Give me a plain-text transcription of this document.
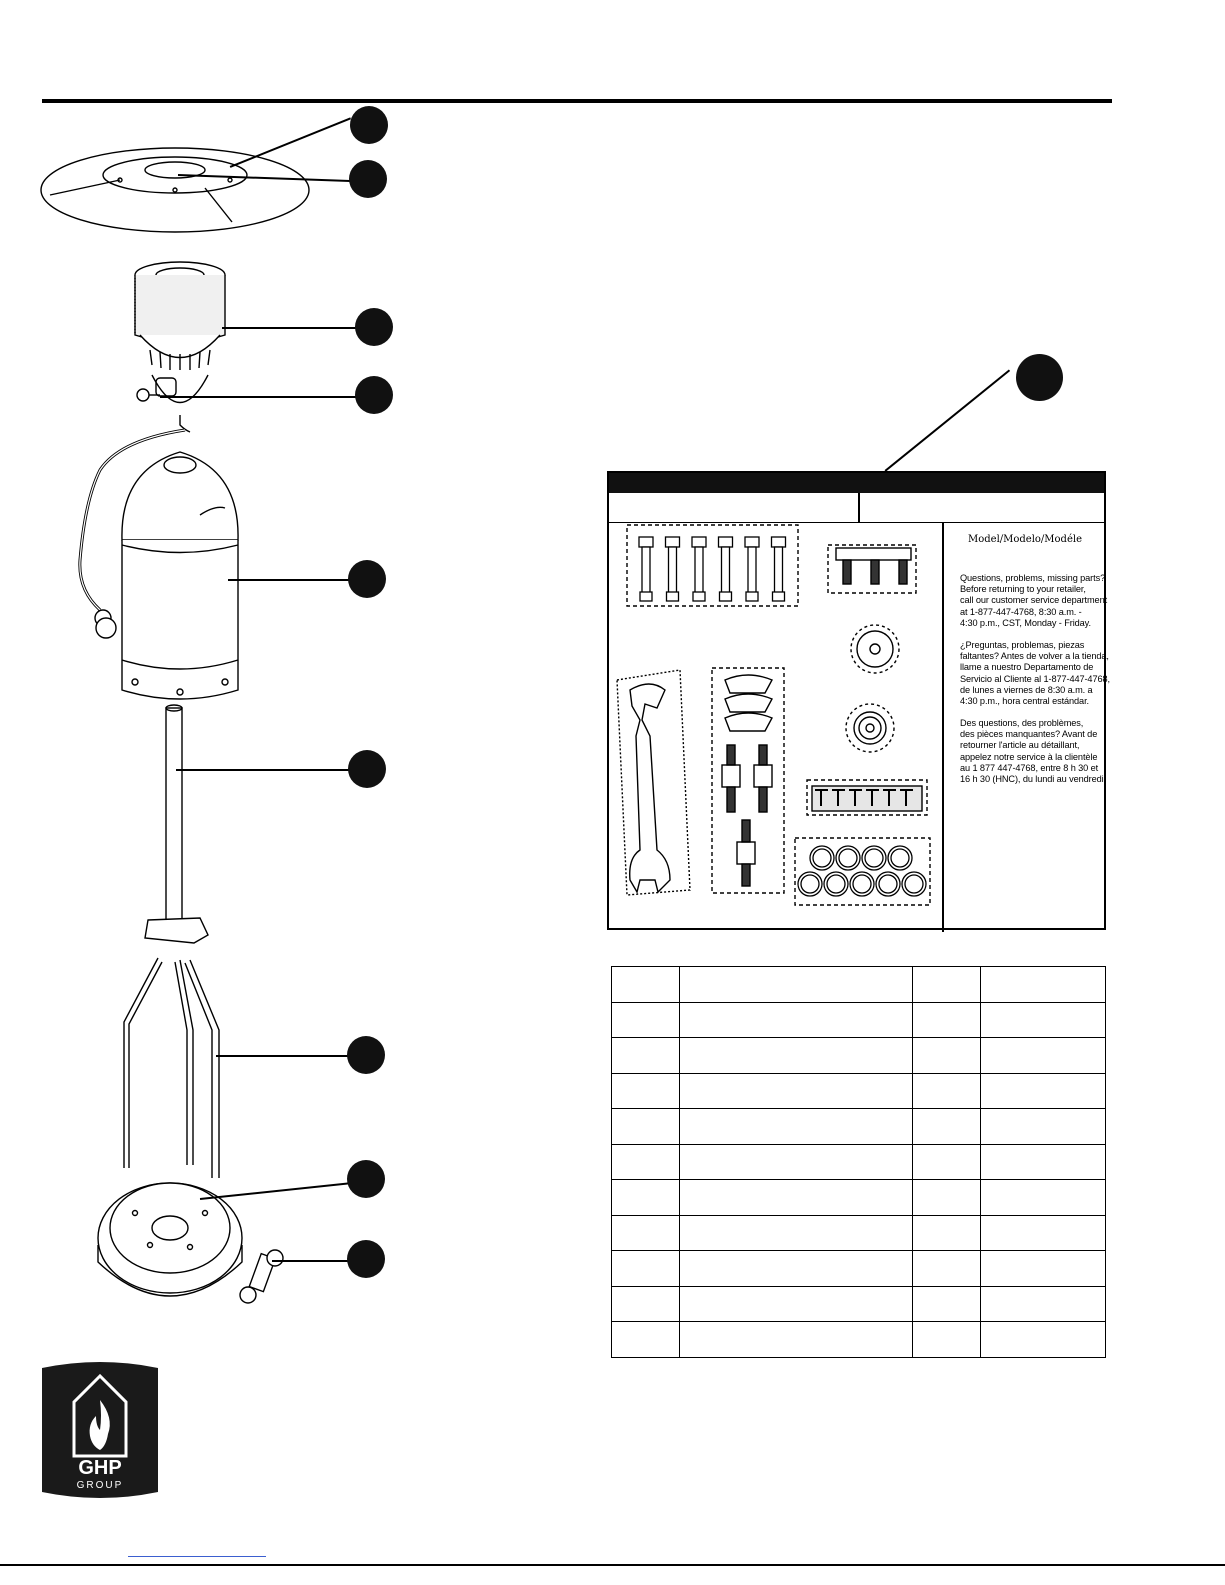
Model/Modelo/Modéle
Questions, problems, missing parts?
Before returning to your retailer,
call our customer service department
at 1-877-447-4768, 8:30 a.m. -
4:30 p.m., CST, Monday - Friday.
¿Preguntas, problemas, piezas
faltantes? Antes de volver a la tienda,
llame a nuestro Departamento de
Servicio al Cliente al 1-877-447-4768,
de lunes a viernes de 8:30 a.m. a
4:30 p.m., hora central estándar.
Des questions, des problèmes,
des pièces manquantes? Avant de
retourner l'article au détaillant,
appelez notre service à la clientèle
au 1 877 447-4768, entre 8 h 30 et
16 h 30 (HNC), du lundi au vendredi.

GHP
GROUP
